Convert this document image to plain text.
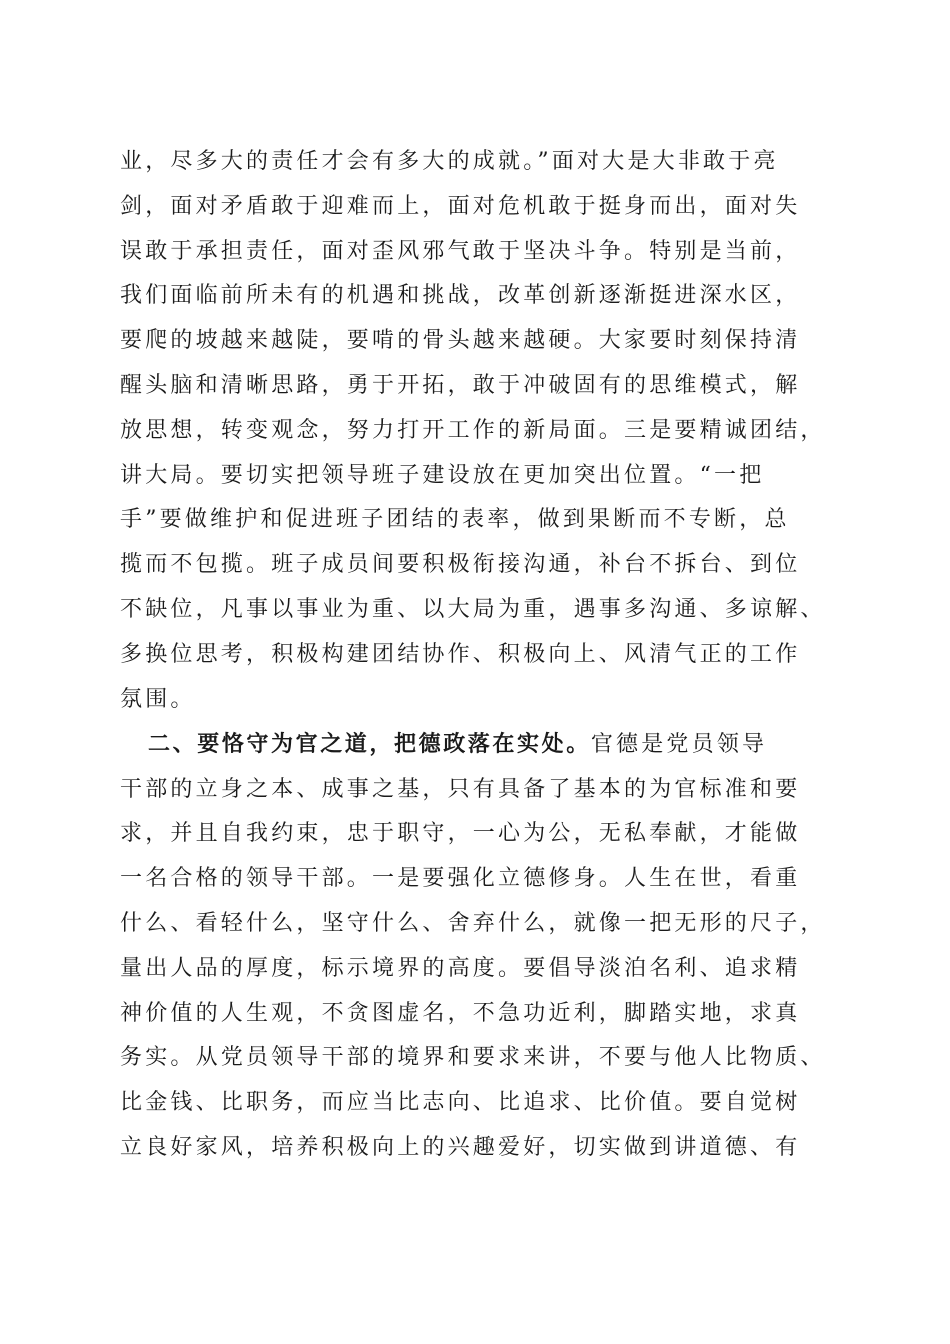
业，尽多大的责任才会有多大的成就。”面对大是大非敢于亮
剑，面对矛盾敢于迎难而上，面对危机敢于挺身而出，面对失
误敢于承担责任，面对歪风邪气敢于坚决斗争。特别是当前，
我们面临前所未有的机遇和挑战，改革创新逐渐挺进深水区，
要爬的坡越来越陡，要啃的骨头越来越硬。大家要时刻保持清
醒头脑和清晰思路，勇于开拓，敢于冲破固有的思维模式，解
放思想，转变观念，努力打开工作的新局面。三是要精诚团结，
讲大局。要切实把领导班子建设放在更加突出位置。“一把
手”要做维护和促进班子团结的表率，做到果断而不专断，总
揽而不包揽。班子成员间要积极衔接沟通，补台不拆台、到位
不缺位，凡事以事业为重、以大局为重，遇事多沟通、多谅解、
多换位思考，积极构建团结协作、积极向上、风清气正的工作
氛围。
二、要恪守为官之道，把德政落在实处。官德是党员领导
干部的立身之本、成事之基，只有具备了基本的为官标准和要
求，并且自我约束，忠于职守，一心为公，无私奉献，才能做
一名合格的领导干部。一是要强化立德修身。人生在世，看重
什么、看轻什么，坚守什么、舍弃什么，就像一把无形的尺子，
量出人品的厚度，标示境界的高度。要倡导淡泊名利、追求精
神价值的人生观，不贪图虚名，不急功近利，脚踏实地，求真
务实。从党员领导干部的境界和要求来讲，不要与他人比物质、
比金钱、比职务，而应当比志向、比追求、比价值。要自觉树
立良好家风，培养积极向上的兴趣爱好，切实做到讲道德、有
